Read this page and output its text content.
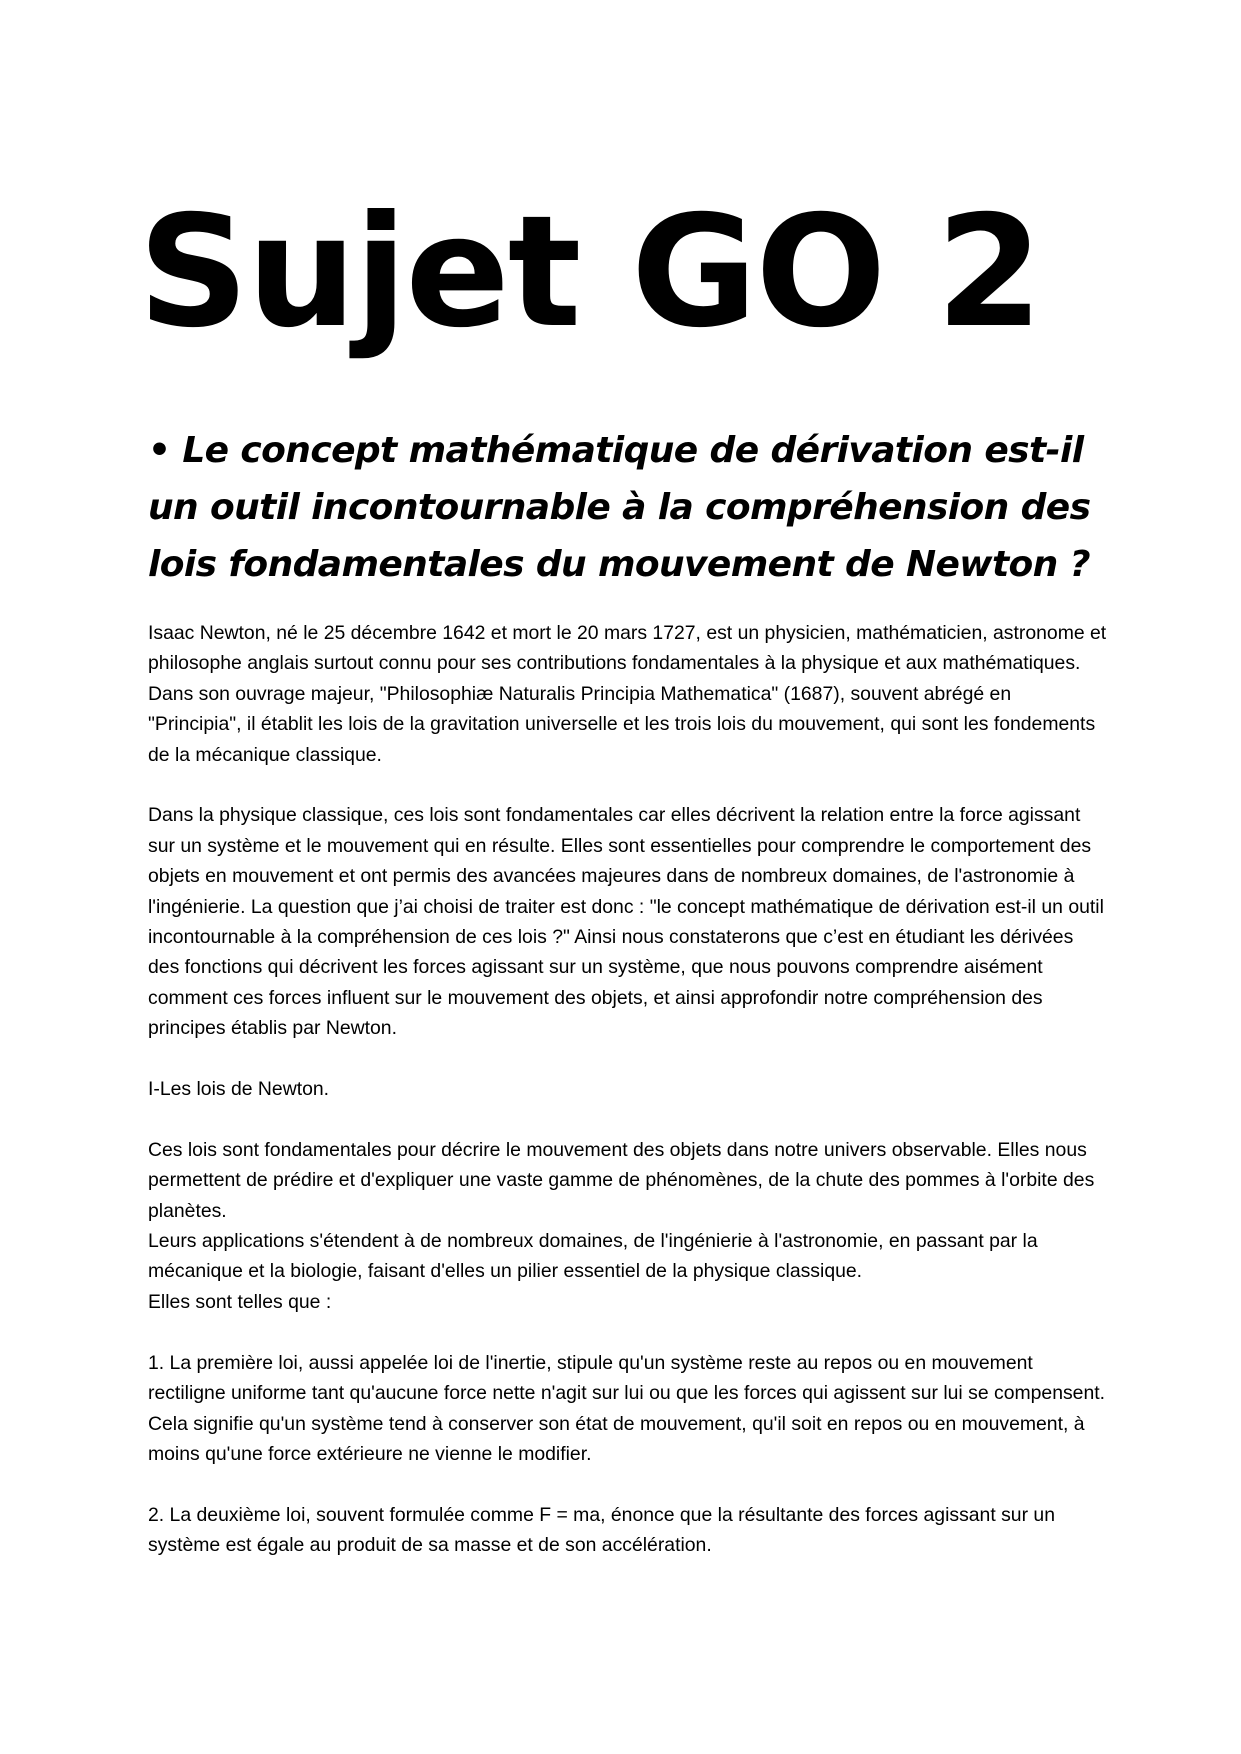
Sujet GO 2
• Le concept mathématique de dérivation est-il un outil incontournable à la compréhension des lois fondamentales du mouvement de Newton ?

Isaac Newton, né le 25 décembre 1642 et mort le 20 mars 1727, est un physicien, mathématicien, astronome et philosophe anglais surtout connu pour ses contributions fondamentales à la physique et aux mathématiques. Dans son ouvrage majeur, "Philosophiæ Naturalis Principia Mathematica" (1687), souvent abrégé en "Principia", il établit les lois de la gravitation universelle et les trois lois du mouvement, qui sont les fondements de la mécanique classique.

Dans la physique classique, ces lois sont fondamentales car elles décrivent la relation entre la force agissant sur un système et le mouvement qui en résulte. Elles sont essentielles pour comprendre le comportement des objets en mouvement et ont permis des avancées majeures dans de nombreux domaines, de l'astronomie à l'ingénierie. La question que j’ai choisi de traiter est donc : "le concept mathématique de dérivation est-il un outil incontournable à la compréhension de ces lois ?" Ainsi nous constaterons que c’est en étudiant les dérivées des fonctions qui décrivent les forces agissant sur un système, que nous pouvons comprendre aisément comment ces forces influent sur le mouvement des objets, et ainsi approfondir notre compréhension des principes établis par Newton.

I-Les lois de Newton.

Ces lois sont fondamentales pour décrire le mouvement des objets dans notre univers observable. Elles nous permettent de prédire et d'expliquer une vaste gamme de phénomènes, de la chute des pommes à l'orbite des planètes.

Leurs applications s'étendent à de nombreux domaines, de l'ingénierie à l'astronomie, en passant par la mécanique et la biologie, faisant d'elles un pilier essentiel de la physique classique.

Elles sont telles que :

1. La première loi, aussi appelée loi de l'inertie, stipule qu'un système reste au repos ou en mouvement rectiligne uniforme tant qu'aucune force nette n'agit sur lui ou que les forces qui agissent sur lui se compensent. Cela signifie qu'un système tend à conserver son état de mouvement, qu'il soit en repos ou en mouvement, à moins qu'une force extérieure ne vienne le modifier.

2. La deuxième loi, souvent formulée comme F = ma, énonce que la résultante des forces agissant sur un système est égale au produit de sa masse et de son accélération.
